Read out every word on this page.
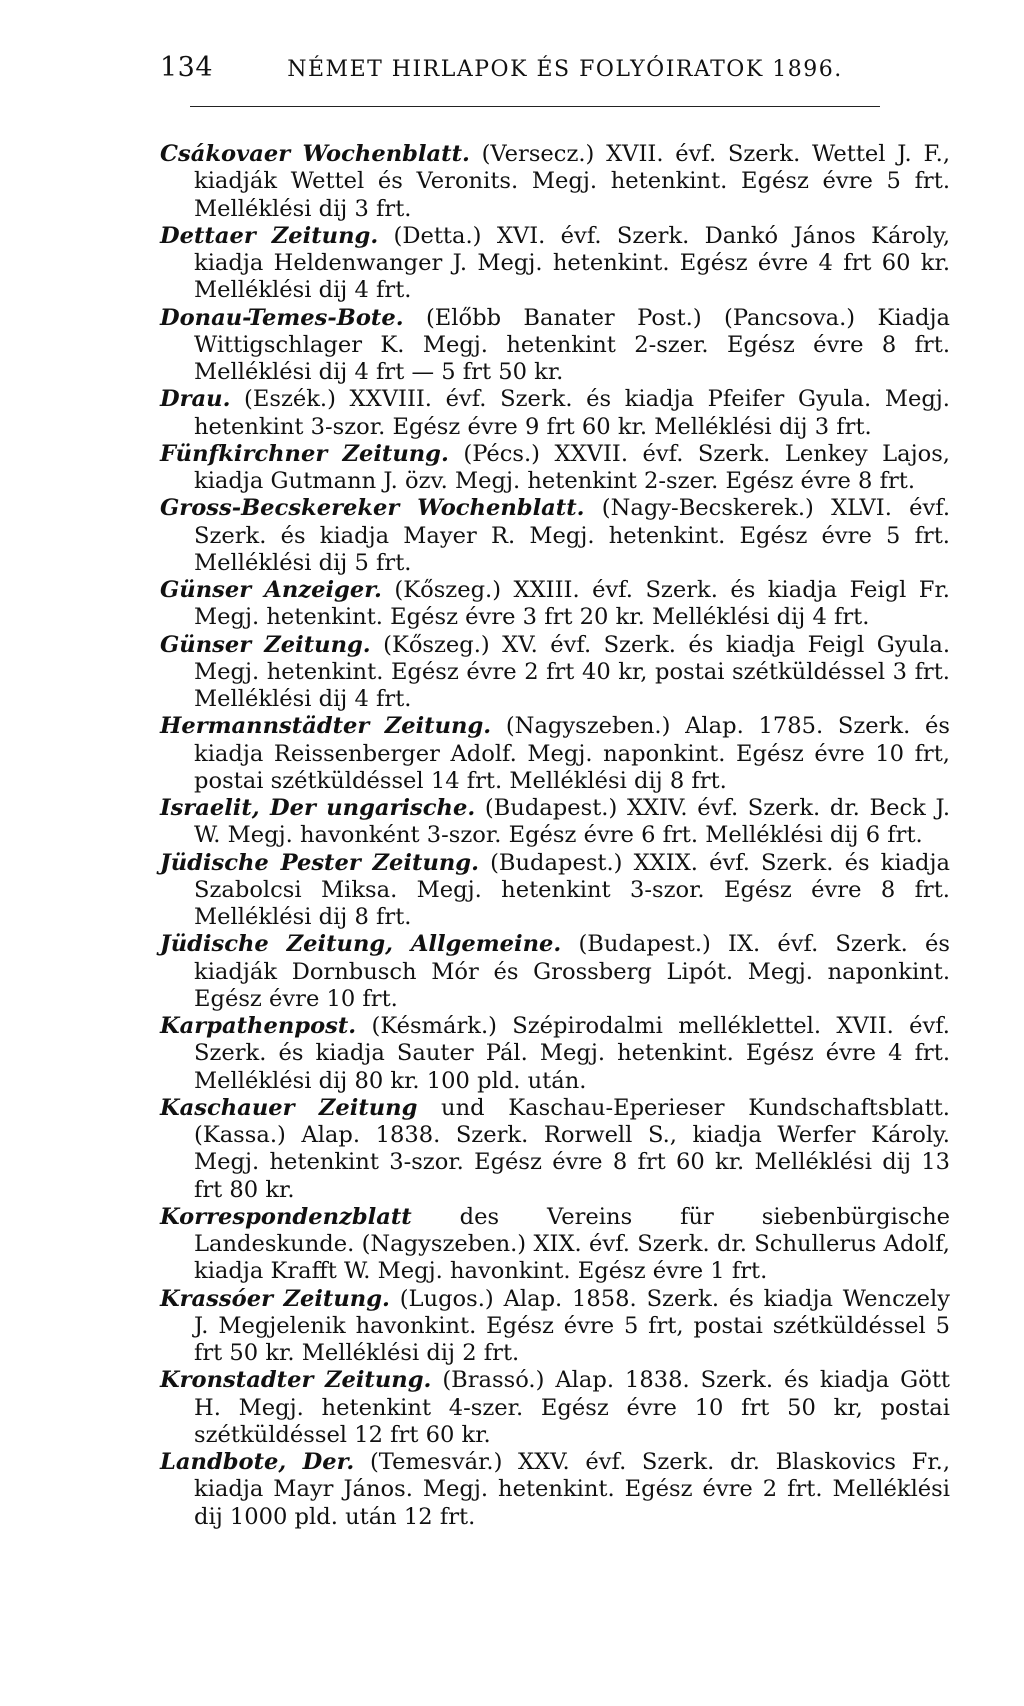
134	NÉMET HIRLAPOK ÉS FOLYÓIRATOK 1896.

Csákovaer Wochenblatt. (Versecz.) XVII. évf. Szerk. Wettel J. F., kiadják Wettel és Veronits. Megj. hetenkint. Egész évre 5 frt. Melléklési dij 3 frt.

Dettaer Zeitung. (Detta.) XVI. évf. Szerk. Dankó János Károly, kiadja Heldenwanger J. Megj. hetenkint. Egész évre 4 frt 60 kr. Melléklési dij 4 frt.

Donau-Temes-Bote. (Előbb Banater Post.) (Pancsova.) Kiadja Wittigschlager K. Megj. hetenkint 2-szer. Egész évre 8 frt. Melléklési dij 4 frt — 5 frt 50 kr.

Drau. (Eszék.) XXVIII. évf. Szerk. és kiadja Pfeifer Gyula. Megj. hetenkint 3-szor. Egész évre 9 frt 60 kr. Melléklési dij 3 frt.

Fünfkirchner Zeitung. (Pécs.) XXVII. évf. Szerk. Lenkey Lajos, kiadja Gutmann J. özv. Megj. hetenkint 2-szer. Egész évre 8 frt.

Gross-Becskereker Wochenblatt. (Nagy-Becskerek.) XLVI. évf. Szerk. és kiadja Mayer R. Megj. hetenkint. Egész évre 5 frt. Melléklési dij 5 frt.

Günser Anzeiger. (Kőszeg.) XXIII. évf. Szerk. és kiadja Feigl Fr. Megj. hetenkint. Egész évre 3 frt 20 kr. Melléklési dij 4 frt.

Günser Zeitung. (Kőszeg.) XV. évf. Szerk. és kiadja Feigl Gyula. Megj. hetenkint. Egész évre 2 frt 40 kr, postai szétküldéssel 3 frt. Melléklési dij 4 frt.

Hermannstädter Zeitung. (Nagyszeben.) Alap. 1785. Szerk. és kiadja Reissenberger Adolf. Megj. naponkint. Egész évre 10 frt, postai szétküldéssel 14 frt. Melléklési dij 8 frt.

Israelit, Der ungarische. (Budapest.) XXIV. évf. Szerk. dr. Beck J. W. Megj. havonként 3-szor. Egész évre 6 frt. Melléklési dij 6 frt.

Jüdische Pester Zeitung. (Budapest.) XXIX. évf. Szerk. és kiadja Szabolcsi Miksa. Megj. hetenkint 3-szor. Egész évre 8 frt. Melléklési dij 8 frt.

Jüdische Zeitung, Allgemeine. (Budapest.) IX. évf. Szerk. és kiadják Dornbusch Mór és Grossberg Lipót. Megj. naponkint. Egész évre 10 frt.

Karpathenpost. (Késmárk.) Szépirodalmi melléklettel. XVII. évf. Szerk. és kiadja Sauter Pál. Megj. hetenkint. Egész évre 4 frt. Melléklési dij 80 kr. 100 pld. után.

Kaschauer Zeitung und Kaschau-Eperieser Kundschaftsblatt. (Kassa.) Alap. 1838. Szerk. Rorwell S., kiadja Werfer Károly. Megj. hetenkint 3-szor. Egész évre 8 frt 60 kr. Melléklési dij 13 frt 80 kr.

Korrespondenzblatt des Vereins für siebenbürgische Landeskunde. (Nagyszeben.) XIX. évf. Szerk. dr. Schullerus Adolf, kiadja Krafft W. Megj. havonkint. Egész évre 1 frt.

Krassóer Zeitung. (Lugos.) Alap. 1858. Szerk. és kiadja Wenczely J. Megjelenik havonkint. Egész évre 5 frt, postai szétküldéssel 5 frt 50 kr. Melléklési dij 2 frt.

Kronstadter Zeitung. (Brassó.) Alap. 1838. Szerk. és kiadja Gött H. Megj. hetenkint 4-szer. Egész évre 10 frt 50 kr, postai szétküldéssel 12 frt 60 kr.

Landbote, Der. (Temesvár.) XXV. évf. Szerk. dr. Blaskovics Fr., kiadja Mayr János. Megj. hetenkint. Egész évre 2 frt. Melléklési dij 1000 pld. után 12 frt.
